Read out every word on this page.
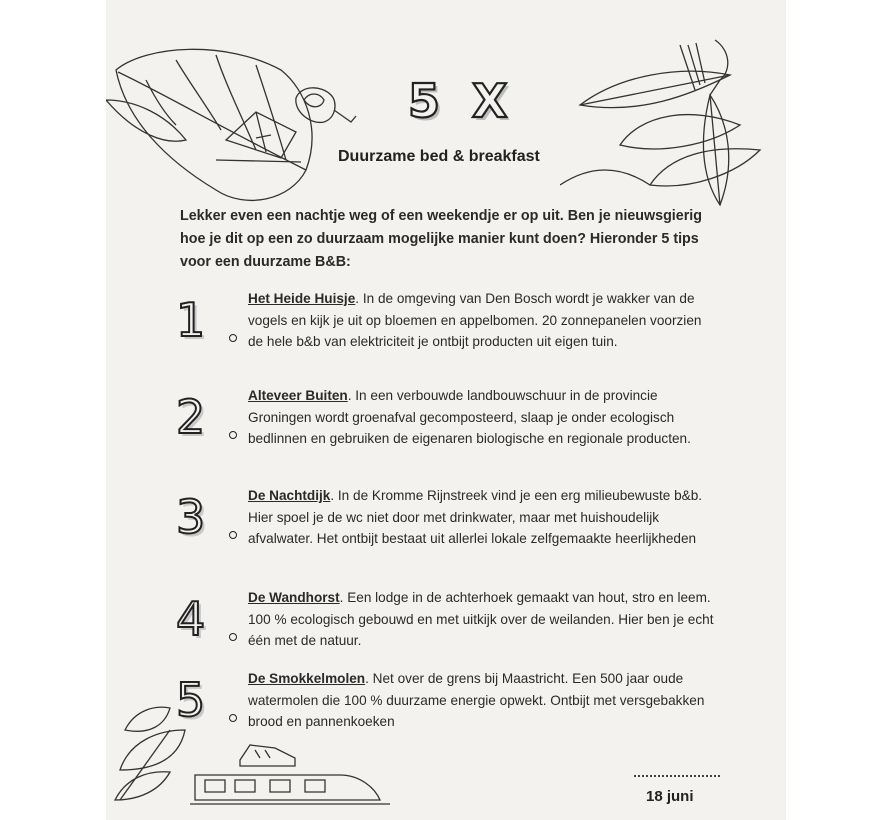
5 X
Duurzame bed & breakfast
Lekker even een nachtje weg of een weekendje er op uit. Ben je nieuwsgierig hoe je dit op een zo duurzaam mogelijke manier kunt doen? Hieronder 5 tips voor een duurzame B&B:
1	Het Heide Huisje. In de omgeving van Den Bosch wordt je wakker van de vogels en kijk je uit op bloemen en appelbomen. 20 zonnepanelen voorzien de hele b&b van elektriciteit je ontbijt producten uit eigen tuin.
2	Alteveer Buiten. In een verbouwde landbouwschuur in de provincie Groningen wordt groenafval gecomposteerd, slaap je onder ecologisch bedlinnen en gebruiken de eigenaren biologische en regionale producten.
3	De Nachtdijk. In de Kromme Rijnstreek vind je een erg milieubewuste b&b. Hier spoel je de wc niet door met drinkwater, maar met huishoudelijk afvalwater. Het ontbijt bestaat uit allerlei lokale zelfgemaakte heerlijkheden
4	De Wandhorst. Een lodge in de achterhoek gemaakt van hout, stro en leem. 100 % ecologisch gebouwd en met uitkijk over de weilanden. Hier ben je echt één met de natuur.
5	De Smokkelmolen. Net over de grens bij Maastricht. Een 500 jaar oude watermolen die 100 % duurzame energie opwekt. Ontbijt met versgebakken brood en pannenkoeken
18 juni
